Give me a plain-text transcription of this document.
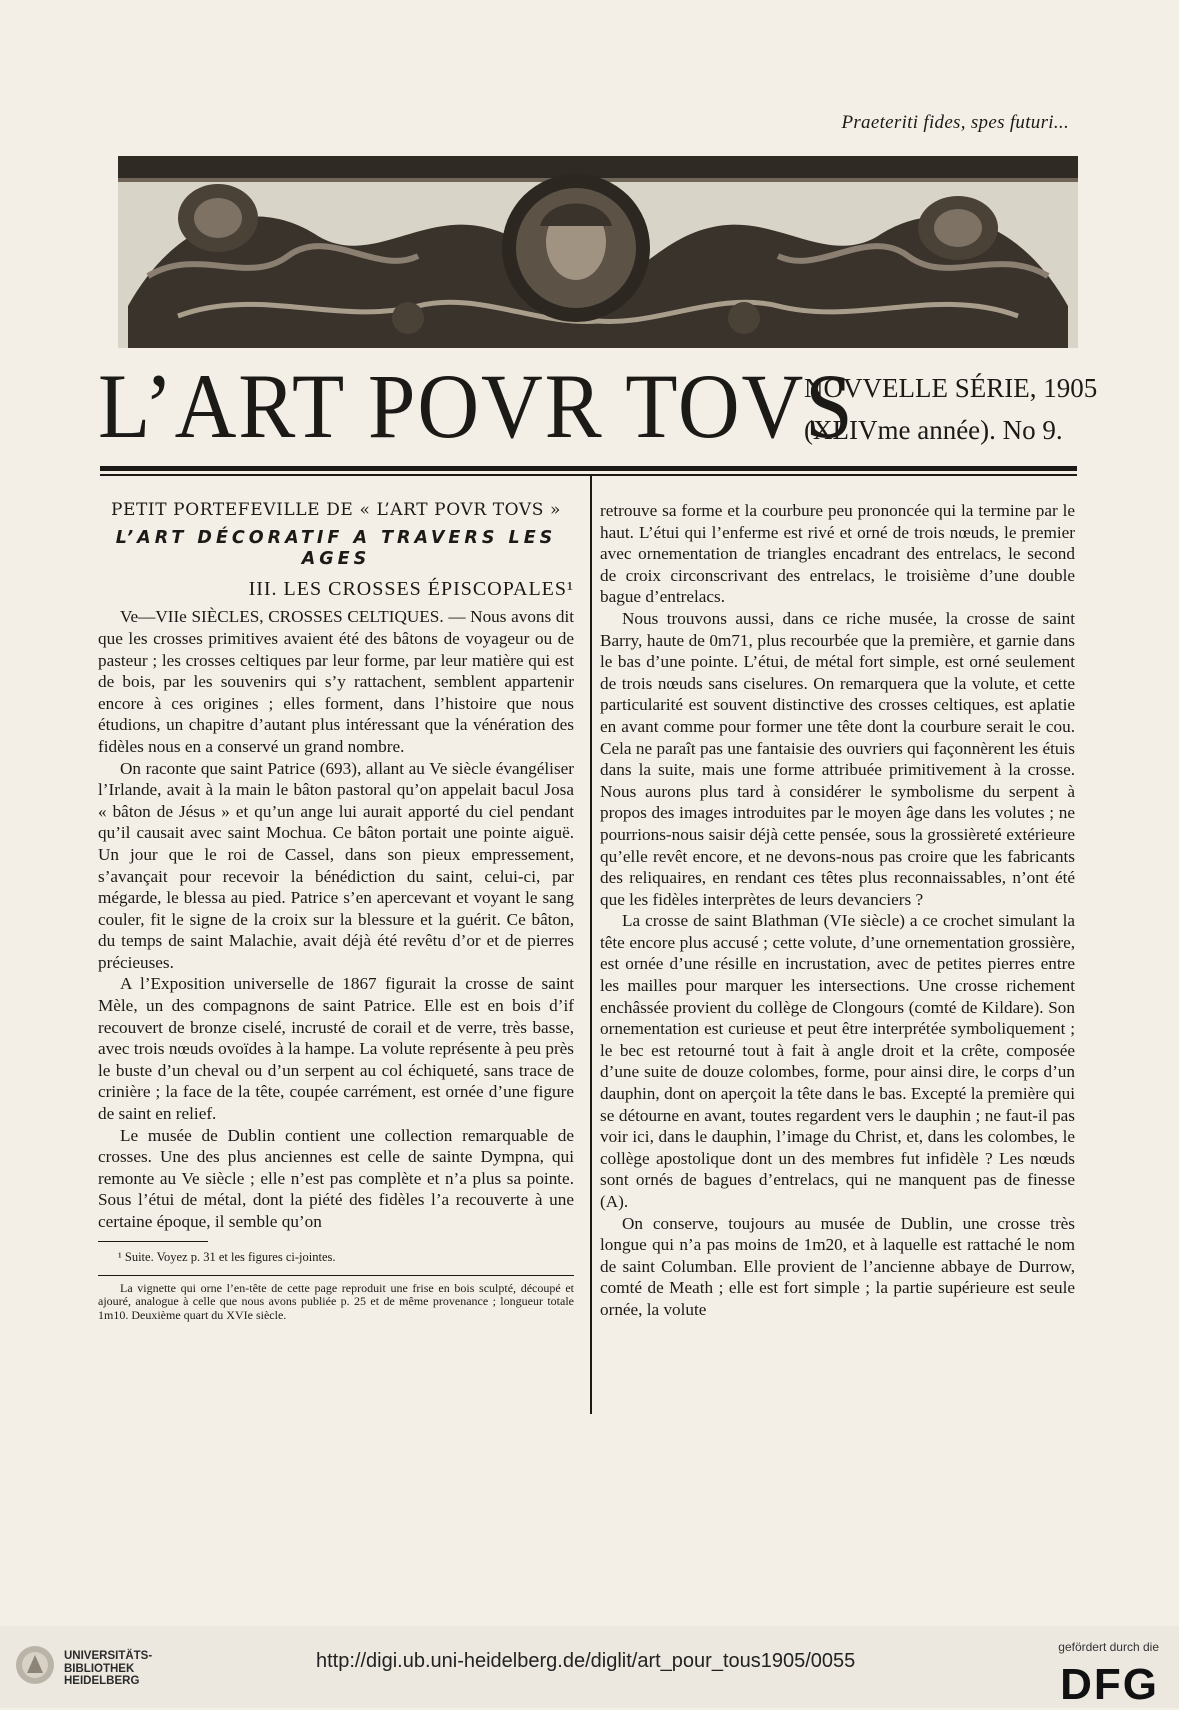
Praeteriti fides, spes futuri...
L’ART POVR TOVS
NOVVELLE SÉRIE, 1905
(XLIVme année). No 9.
PETIT PORTEFEVILLE DE « L’ART POVR TOVS »
L’ART DÉCORATIF A TRAVERS LES AGES
III. LES CROSSES ÉPISCOPALES¹

Ve—VIIe SIÈCLES, CROSSES CELTIQUES. — Nous avons dit que les crosses primitives avaient été des bâtons de voyageur ou de pasteur ; les crosses celtiques par leur forme, par leur matière qui est de bois, par les souvenirs qui s’y rattachent, semblent appartenir encore à ces origines ; elles forment, dans l’histoire que nous étudions, un chapitre d’autant plus intéressant que la vénération des fidèles nous en a conservé un grand nombre.

On raconte que saint Patrice (693), allant au Ve siècle évangéliser l’Irlande, avait à la main le bâton pastoral qu’on appelait bacul Josa « bâton de Jésus » et qu’un ange lui aurait apporté du ciel pendant qu’il causait avec saint Mochua. Ce bâton portait une pointe aiguë. Un jour que le roi de Cassel, dans son pieux empressement, s’avançait pour recevoir la bénédiction du saint, celui-ci, par mégarde, le blessa au pied. Patrice s’en apercevant et voyant le sang couler, fit le signe de la croix sur la blessure et la guérit. Ce bâton, du temps de saint Malachie, avait déjà été revêtu d’or et de pierres précieuses.

A l’Exposition universelle de 1867 figurait la crosse de saint Mèle, un des compagnons de saint Patrice. Elle est en bois d’if recouvert de bronze ciselé, incrusté de corail et de verre, très basse, avec trois nœuds ovoïdes à la hampe. La volute représente à peu près le buste d’un cheval ou d’un serpent au col échiqueté, sans trace de crinière ; la face de la tête, coupée carrément, est ornée d’une figure de saint en relief.

Le musée de Dublin contient une collection remarquable de crosses. Une des plus anciennes est celle de sainte Dympna, qui remonte au Ve siècle ; elle n’est pas complète et n’a plus sa pointe. Sous l’étui de métal, dont la piété des fidèles l’a recouverte à une certaine époque, il semble qu’on

¹ Suite. Voyez p. 31 et les figures ci-jointes.

La vignette qui orne l’en-tête de cette page reproduit une frise en bois sculpté, découpé et ajouré, analogue à celle que nous avons publiée p. 25 et de même provenance ; longueur totale 1m10. Deuxième quart du XVIe siècle.

retrouve sa forme et la courbure peu prononcée qui la termine par le haut. L’étui qui l’enferme est rivé et orné de trois nœuds, le premier avec ornementation de triangles encadrant des entrelacs, le second de croix circonscrivant des entrelacs, le troisième d’une double bague d’entrelacs.

Nous trouvons aussi, dans ce riche musée, la crosse de saint Barry, haute de 0m71, plus recourbée que la première, et garnie dans le bas d’une pointe. L’étui, de métal fort simple, est orné seulement de trois nœuds sans ciselures. On remarquera que la volute, et cette particularité est souvent distinctive des crosses celtiques, est aplatie en avant comme pour former une tête dont la courbure serait le cou. Cela ne paraît pas une fantaisie des ouvriers qui façonnèrent les étuis dans la suite, mais une forme attribuée primitivement à la crosse. Nous aurons plus tard à considérer le symbolisme du serpent à propos des images introduites par le moyen âge dans les volutes ; ne pourrions-nous saisir déjà cette pensée, sous la grossièreté extérieure qu’elle revêt encore, et ne devons-nous pas croire que les fabricants des reliquaires, en rendant ces têtes plus reconnaissables, n’ont été que les fidèles interprètes de leurs devanciers ?

La crosse de saint Blathman (VIe siècle) a ce crochet simulant la tête encore plus accusé ; cette volute, d’une ornementation grossière, est ornée d’une résille en incrustation, avec de petites pierres entre les mailles pour marquer les intersections. Une crosse richement enchâssée provient du collège de Clongours (comté de Kildare). Son ornementation est curieuse et peut être interprétée symboliquement ; le bec est retourné tout à fait à angle droit et la crête, composée d’une suite de douze colombes, forme, pour ainsi dire, le corps d’un dauphin, dont on aperçoit la tête dans le bas. Excepté la première qui se détourne en avant, toutes regardent vers le dauphin ; ne faut-il pas voir ici, dans le dauphin, l’image du Christ, et, dans les colombes, le collège apostolique dont un des membres fut infidèle ? Les nœuds sont ornés de bagues d’entrelacs, qui ne manquent pas de finesse (A).

On conserve, toujours au musée de Dublin, une crosse très longue qui n’a pas moins de 1m20, et à laquelle est rattaché le nom de saint Columban. Elle provient de l’ancienne abbaye de Durrow, comté de Meath ; elle est fort simple ; la partie supérieure est seule ornée, la volute

UNIVERSITÄTS-
BIBLIOTHEK
HEIDELBERG
http://digi.ub.uni-heidelberg.de/diglit/art_pour_tous1905/0055
gefördert durch die
DFG
